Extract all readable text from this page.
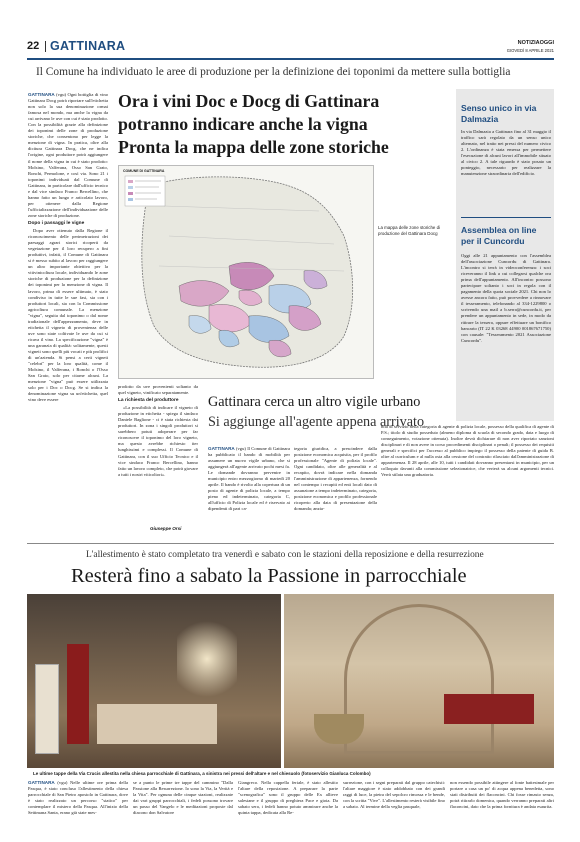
22 GATTINARA	NOTIZIAOGGI
GIOVEDÌ 8 APRILE 2021
Il Comune ha individuato le aree di produzione per la definizione dei toponimi da mettere sulla bottiglia

GATTINARA (vgu) Ogni bottiglia di vino Gattinara Docg potrà riportare sull'etichetta non solo la sua denominazione ormai famosa nel mondo, ma anche la vigna da cui arrivano le uve con cui è stato prodotto. Con la possibilità grazie alla definizione dei toponimi delle zone di produzione storiche, che consentono per legge la menzione di vigna. In pratica, oltre alla dicitura Gattinara Docg, che ne indica l'origine, ogni produttore potrà aggiungere il nome della vigna in cui è stato prodotto: Molsino, Valferana, Osso San Grato, Ronchi, Permolone, e così via. Sono 21 i toponimi individuati dal Comune di Gattinara, in particolare dall'ufficio tecnico e dal vice sindaco Franco Bercellino, che hanno fatto un lungo e articolato lavoro, per ottenere dalla Regione l'ufficializzazione dell'individuazione delle zone storiche di produzione.

Dopo i passaggi le vigne

Dopo aver ottenuto dalla Regione il riconoscimento delle perimetrazioni dei paesaggi agrari storici ricoperti da vegetazione per il loro recupero a fini produttivi, infatti, il Comune di Gattinara si è messo subito al lavoro per raggiungere un altro importante obiettivo per la vitivinicoltura locale, individuando le zone storiche di produzione per la definizione dei toponimi per la menzione di vigna. Il lavoro, prima di essere ultimato, è stato condiviso in tutte le sue fasi, sia con i produttori locali, sia con la Commissione agricoltura comunale. La menzione "vigna", seguita dal toponimo o dal nome tradizionale dell'appezzamento, deve in etichetta il vigneto di provenienza delle uve sono state coltivate le uve da cui si ricava il vino. La specificazione "vigna" è una garanzia di qualità: solitamente, questi vigneti sono quelli più vocati e più prolifici di un'azienda. Si pensi a certi vigneti "celebri" per la loro qualità, come il Molsino, il Valferana, i Ronchi o l'Osso San Grato, solo per citarne alcuni. La menzione "vigna" può essere utilizzata solo per i Doc o Docg. Se si indica la denominazione vigna su un'etichetta, quel vino deve essere

Ora i vini Doc e Docg di Gattinara
potranno indicare anche la vigna
Pronta la mappa delle zone storiche
COMUNE DI GATTINARA
La mappa delle zone storiche di produzione del Gattinara Docg

prodotto da uve provenienti soltanto da quel vigneto, vinificato separatamente.

La richiesta del produttore

«La possibilità di indicare il vigneto di produzione in etichetta - spiega il sindaco Daniele Baglione - ci è stata richiesta dai produttori. In zona i singoli produttori si sarebbero potuti adoperare per far riconoscere il toponimo del loro vigneto, ma questo avrebbe richiesto iter lunghissimi e complessi. Il Comune di Gattinara, con il suo Ufficio Tecnico e il vice sindaco Franco Bercellino, hanno fatto un lavoro completo, che potrà giovare a tutti i nostri viticoltori».

Giuseppe Orsi
Senso unico in via Dalmazia
In via Dalmazia a Gattinara fino al 31 maggio il traffico sarà regolato da un senso unico alternato, nel tratto nei pressi del numero civico 2. L'ordinanza è stata emessa per permettere l'esecuzione di alcuni lavori all'immobile situato al civico 2. A tale riguardo è stato posato un ponteggio, necessario per realizzare la manutenzione straordinaria dell'edificio.
Assemblea on line per il Cuncordu
Oggi alle 21 appuntamento con l'assemblea dell'associazione Cuncordu di Gattinara. L'incontro si terrà in videoconferenza: i soci riceveranno il link a cui collegarsi qualche ora prima dell'appuntamento. All'incontro possono partecipare soltanto i soci in regola con il pagamento della quota sociale 2021. Chi non lo avesse ancora fatto, può provvedere a rinnovare il tesseramento, telefonando al 334-1229800 o scrivendo una mail a b.serra@cuncordu.it, per prendere un appuntamento in sede, in modo da ritirare la tessera, oppure effettuare un bonifico bancario (IT 22 K 03268 44900 001867671750) con causale: "Tesseramento 2021 Associazione Cuncordu".
Gattinara cerca un altro vigile urbano
Si aggiunge all'agente appena arrivato

GATTINARA (vgu) Il Comune di Gattinara ha pubblicato il bando di mobilità per assumere un nuovo vigile urbano, che si aggiungerà all'agente arrivato pochi mesi fa. Le domande dovranno pervenire in municipio entro mezzogiorno di martedì 20 aprile. Il bando è rivolto alla copertura di un posto di agente di polizia locale, a tempo pieno ed indeterminato, categoria C, all'ufficio di Polizia locale ed è riservato ai dipendenti di pari ca-

tegoria giuridica, a prescindere dalla posizione economica acquisita, per il profilo professionale "Agente di polizia locale". Ogni candidato, oltre alle generalità e al recapito, dovrà indicare nella domanda l'amministrazione di appartenenza, fornendo nel contempo i recapiti ed enti locali dato di assunzione a tempo indeterminato, categoria, posizione economica e profilo professionale ricoperto alla data di presentazione della domanda; anzia-

nità di servizio nella categoria di agente di polizia locale, possesso della qualifica di agente di P.S.; titolo di studio posseduto (almeno diploma di scuola di secondo grado, data e luogo di conseguimento, votazione ottenuta). Inoltre devrà dichiarare di non aver riportato sanzioni disciplinari e di non avere in corso procedimenti disciplinari o penali; il possesso dei requisiti generali e specifici per l'accesso al pubblico impiego il possesso della patente di guida B. oltre al curriculum e al nulla osta alla cessione del contratto rilasciato dall'amministrazione di appartenenza. Il 28 aprile, alle 10, tutti i candidati dovranno presentarsi in municipio, per un colloquio davanti alla commissione selezionatrice, che verterà su alcuni argomenti tecnici. Verrà stilata una graduatoria.

L'allestimento è stato completato tra venerdì e sabato con le stazioni della reposizione e della resurrezione
Resterà fino a sabato la Passione in parrocchiale
Le ultime tappe della Via Crucis allestita nella chiesa parrocchiale di Gattinara, a sinistra nei pressi dell'altare e nel chiesuolo (fotoservizio Gianluca Colombo)

GATTINARA (vgu) Nelle ultime ore prima della Pasqua, è stato concluso l'allestimento della chiesa parrocchiale di San Pietro apostolo in Gattinara, dove è stato realizzato un percorso "statico" per contemplare il mistero della Pasqua. All'inizio della Settimana Santa, erano già state mes-

se a punto le prime tre tappe del cammino "Dalla Passione alla Resurrezione. Io sono la Via, la Verità e la Vita". Per ognuna delle cinque stazioni, realizzate dai vari gruppi parrocchiali, i fedeli possono trovare un passo del Vangelo e le meditazioni proposte dal diacono don Salvatore

Giangreco. Nella cappella feriale, è stato allestito l'altare della reposizione. A preparare la parte "scenografica" sono il gruppo delle Ex allieve salesiane e il gruppo di preghiera Pace e gioia. Da sabato sera, i fedeli hanno potuto ammirare anche la quinta tappa, dedicata alla Re-

surrezione, con i segni preparati dal gruppo catechisti: l'altare maggiore è stato addobbato con dei grandi raggi di luce, la pietra del sepolcro rimossa e le bende, con la scritta "Vive". L'allestimento resterà visibile fino a sabato. Al termine della veglia pasquale,

non essendo possibile attingere al fonte battesimale per portare a casa un po' di acqua appena benedetta, sono stati distribuiti dei flaconcini. Chi fosse rimasto senza, potrà ritirarlo domenica, quando verranno preparati altri flaconcini, dato che la prima fornitura è andata esaurita.
